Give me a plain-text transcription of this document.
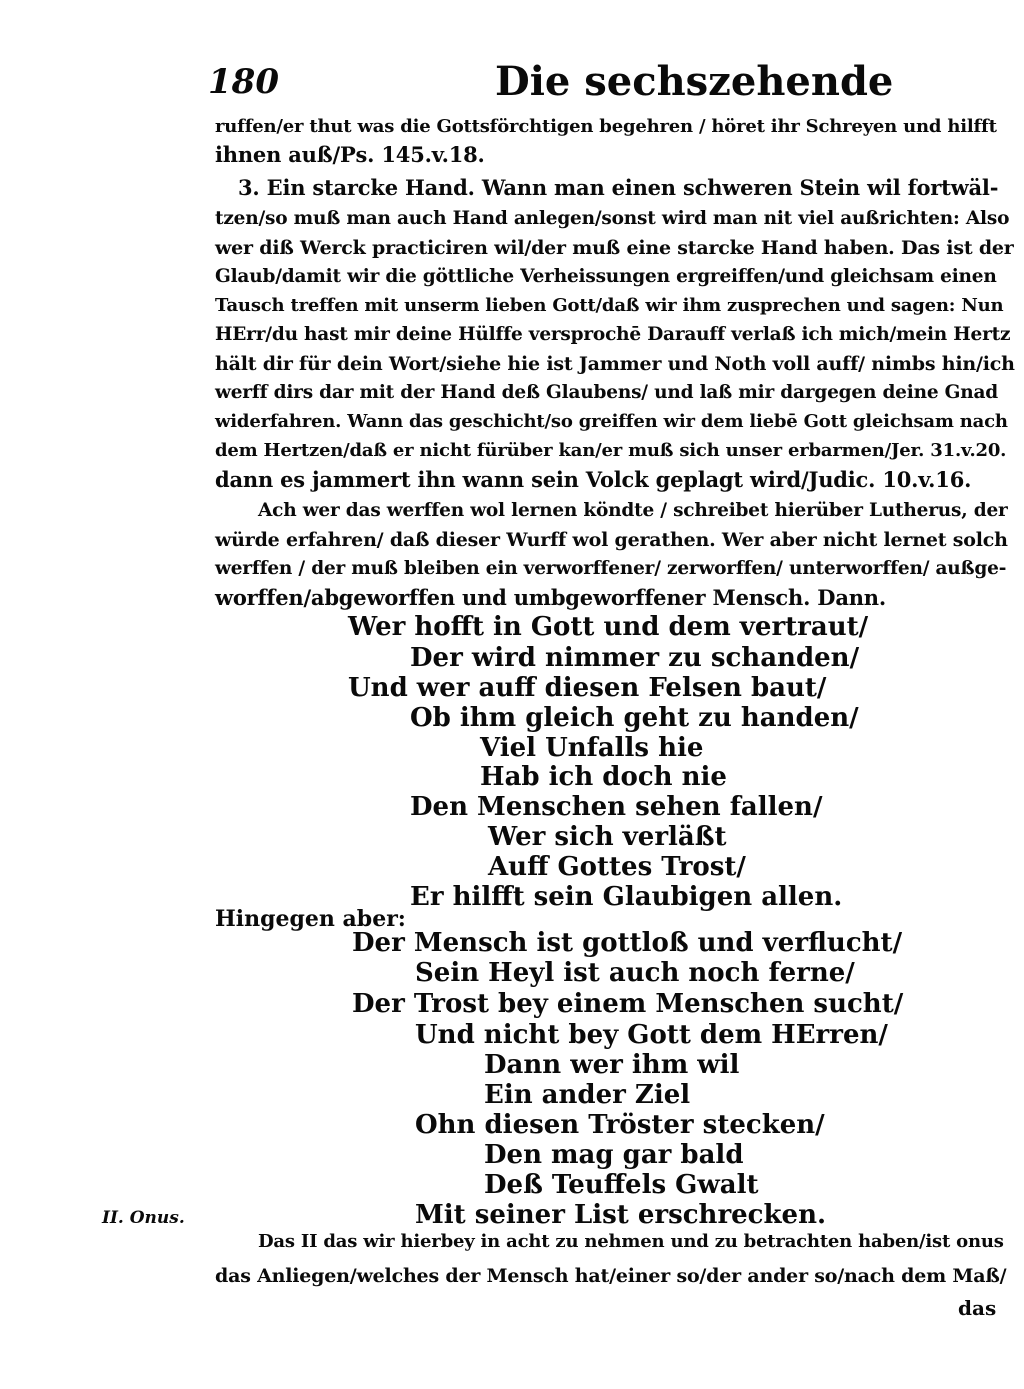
180	Die sechszehende
ruffen/er thut was die Gottsförchtigen begehren / höret ihr Schreyen und hilfft
ihnen auß/Ps. 145.v.18.
3. Ein starcke Hand. Wann man einen schweren Stein wil fortwäl-
tzen/so muß man auch Hand anlegen/sonst wird man nit viel außrichten: Also
wer diß Werck practiciren wil/der muß eine starcke Hand haben. Das ist der
Glaub/damit wir die göttliche Verheissungen ergreiffen/und gleichsam einen
Tausch treffen mit unserm lieben Gott/daß wir ihm zusprechen und sagen: Nun
HErr/du hast mir deine Hülffe versprochē Darauff verlaß ich mich/mein Hertz
hält dir für dein Wort/siehe hie ist Jammer und Noth voll auff/ nimbs hin/ich
werff dirs dar mit der Hand deß Glaubens/ und laß mir dargegen deine Gnad
widerfahren. Wann das geschicht/so greiffen wir dem liebē Gott gleichsam nach
dem Hertzen/daß er nicht fürüber kan/er muß sich unser erbarmen/Jer. 31.v.20.
dann es jammert ihn wann sein Volck geplagt wird/Judic. 10.v.16.
Ach wer das werffen wol lernen köndte / schreibet hierüber Lutherus, der
würde erfahren/ daß dieser Wurff wol gerathen. Wer aber nicht lernet solch
werffen / der muß bleiben ein verworffener/ zerworffen/ unterworffen/ außge-
worffen/abgeworffen und umbgeworffener Mensch. Dann.
Wer hofft in Gott und dem vertraut/
Der wird nimmer zu schanden/
Und wer auff diesen Felsen baut/
Ob ihm gleich geht zu handen/
Viel Unfalls hie
Hab ich doch nie
Den Menschen sehen fallen/
Wer sich verläßt
Auff Gottes Trost/
Er hilfft sein Glaubigen allen.
Hingegen aber:
Der Mensch ist gottloß und verflucht/
Sein Heyl ist auch noch ferne/
Der Trost bey einem Menschen sucht/
Und nicht bey Gott dem HErren/
Dann wer ihm wil
Ein ander Ziel
Ohn diesen Tröster stecken/
Den mag gar bald
Deß Teuffels Gwalt
Mit seiner List erschrecken.
II. Onus.
Das II das wir hierbey in acht zu nehmen und zu betrachten haben/ist onus
das Anliegen/welches der Mensch hat/einer so/der ander so/nach dem Maß/
das
